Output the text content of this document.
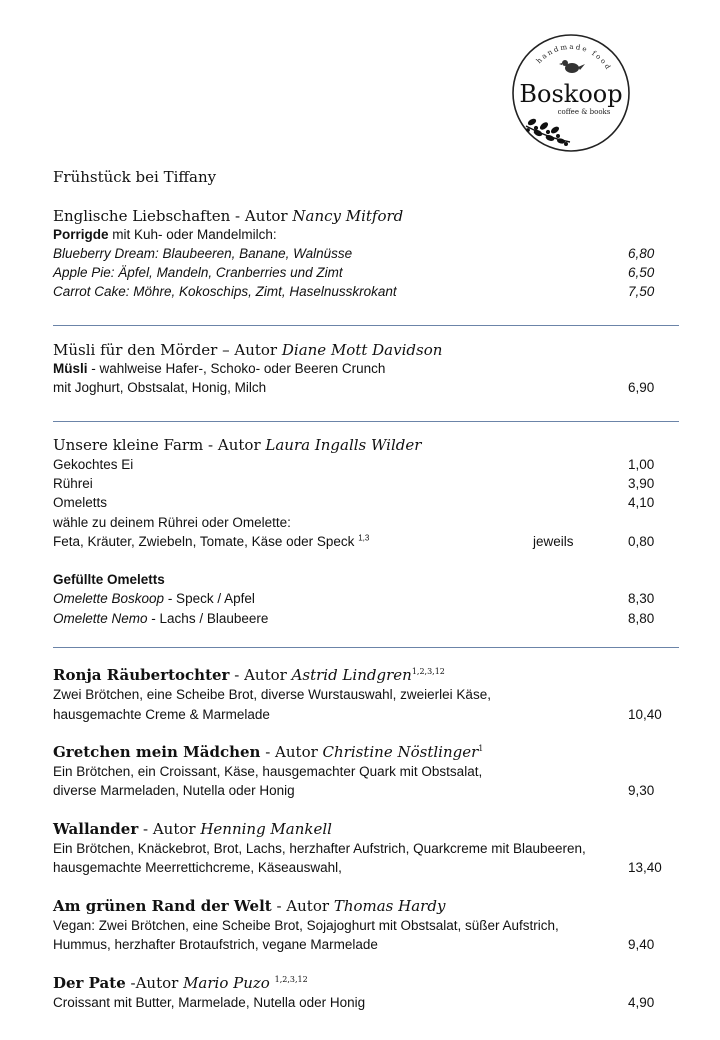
handmade food
Boskoop
coffee & books
Frühstück bei Tiffany
Englische Liebschaften - Autor Nancy Mitford
Porrigde mit Kuh- oder Mandelmilch:
Blueberry Dream: Blaubeeren, Banane, Walnüsse	6,80
Apple Pie: Äpfel, Mandeln, Cranberries und Zimt	6,50
Carrot Cake: Möhre, Kokoschips, Zimt, Haselnusskrokant	7,50
Müsli für den Mörder – Autor Diane Mott Davidson
Müsli - wahlweise Hafer-, Schoko- oder Beeren Crunch
mit Joghurt, Obstsalat, Honig, Milch	6,90
Unsere kleine Farm - Autor Laura Ingalls Wilder
Gekochtes Ei	1,00
Rührei	3,90
Omeletts	4,10
wähle zu deinem Rührei oder Omelette:
Feta, Kräuter, Zwiebeln, Tomate, Käse oder Speck $^{1,3}$	jeweils	0,80
Gefüllte Omeletts
Omelette Boskoop - Speck / Apfel	8,30
Omelette Nemo - Lachs / Blaubeere	8,80
Ronja Räubertochter - Autor Astrid Lindgren$^{1,2,3,12}$
Zwei Brötchen, eine Scheibe Brot, diverse Wurstauswahl, zweierlei Käse,
hausgemachte Creme & Marmelade	10,40
Gretchen mein Mädchen - Autor Christine Nöstlinger$^1$
Ein Brötchen, ein Croissant, Käse, hausgemachter Quark mit Obstsalat,
diverse Marmeladen, Nutella oder Honig	9,30
Wallander - Autor Henning Mankell
Ein Brötchen, Knäckebrot, Brot, Lachs, herzhafter Aufstrich, Quarkcreme mit Blaubeeren,
hausgemachte Meerrettichcreme, Käseauswahl,	13,40
Am grünen Rand der Welt - Autor Thomas Hardy
Vegan: Zwei Brötchen, eine Scheibe Brot, Sojajoghurt mit Obstsalat, süßer Aufstrich,
Hummus, herzhafter Brotaufstrich, vegane Marmelade	9,40
Der Pate -Autor Mario Puzo $^{1,2,3,12}$
Croissant mit Butter, Marmelade, Nutella oder Honig	4,90
